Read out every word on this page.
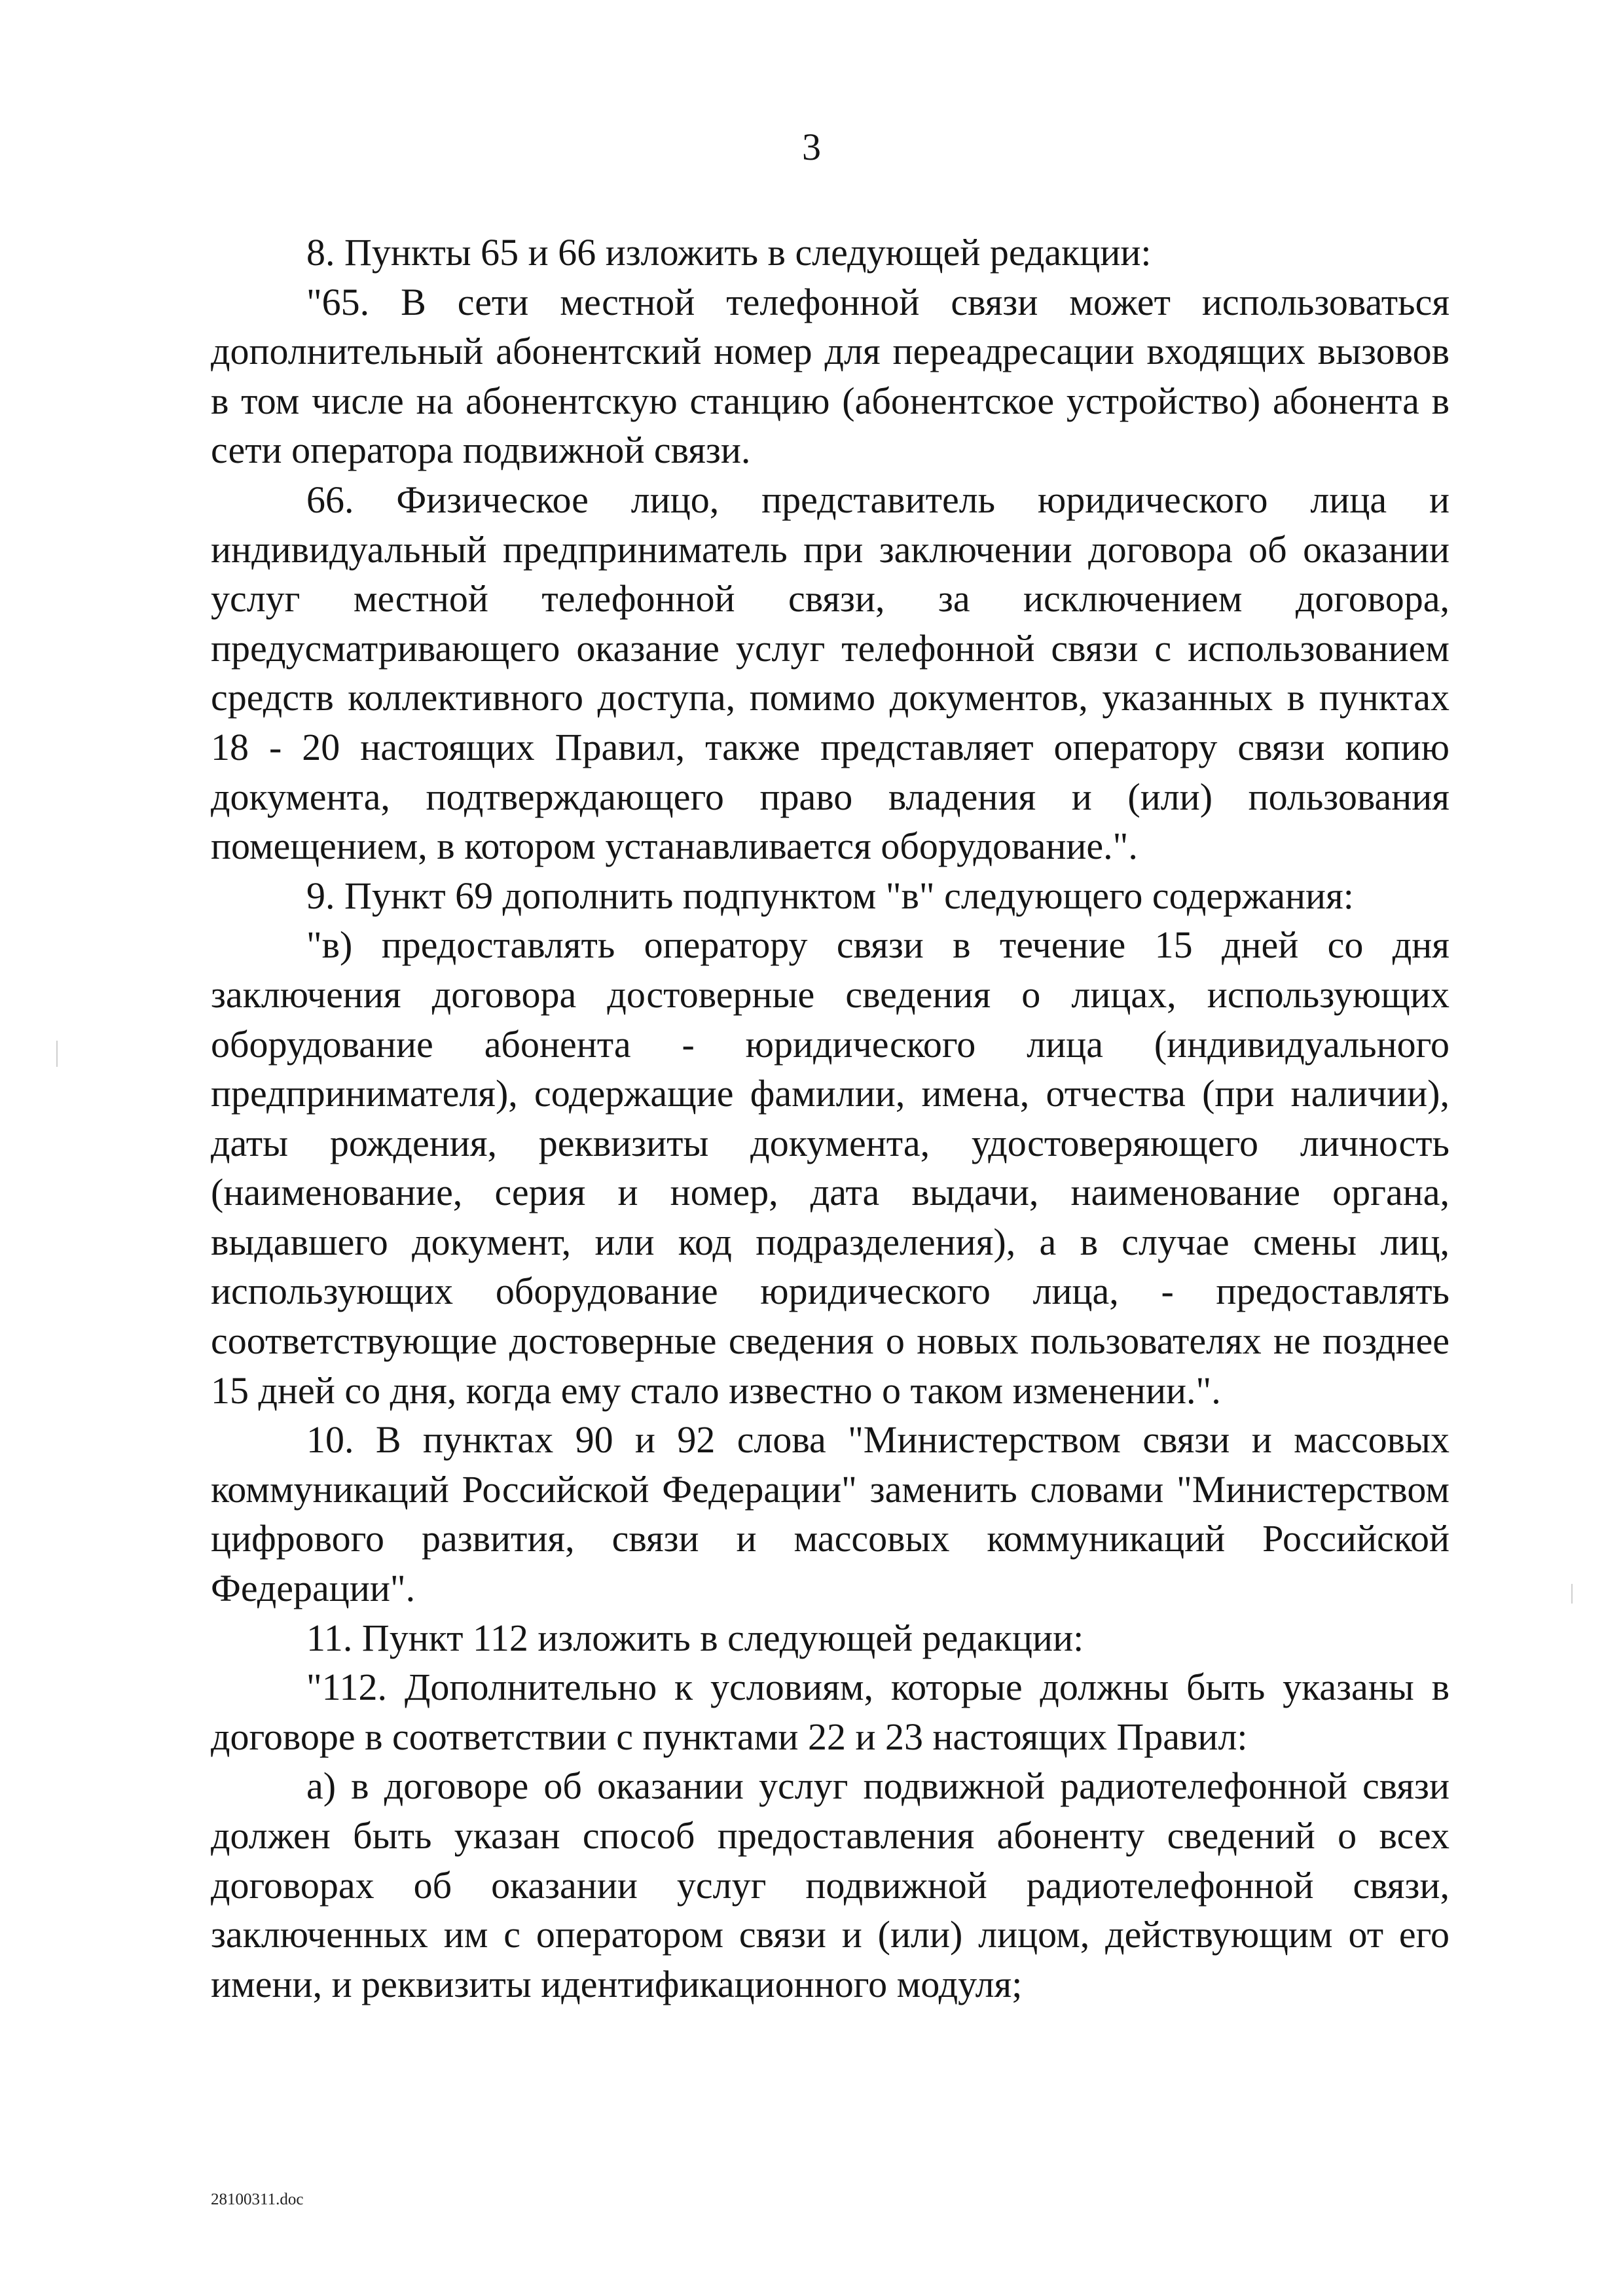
3

8. Пункты 65 и 66 изложить в следующей редакции:

"65. В сети местной телефонной связи может использоваться дополнительный абонентский номер для переадресации входящих вызовов в том числе на абонентскую станцию (абонентское устройство) абонента в сети оператора подвижной связи.

66. Физическое лицо, представитель юридического лица и индивидуальный предприниматель при заключении договора об оказании услуг местной телефонной связи, за исключением договора, предусматривающего оказание услуг телефонной связи с использованием средств коллективного доступа, помимо документов, указанных в пунктах 18 - 20 настоящих Правил, также представляет оператору связи копию документа, подтверждающего право владения и (или) пользования помещением, в котором устанавливается оборудование.".

9. Пункт 69 дополнить подпунктом "в" следующего содержания:

"в) предоставлять оператору связи в течение 15 дней со дня заключения договора достоверные сведения о лицах, использующих оборудование абонента - юридического лица (индивидуального предпринимателя), содержащие фамилии, имена, отчества (при наличии), даты рождения, реквизиты документа, удостоверяющего личность (наименование, серия и номер, дата выдачи, наименование органа, выдавшего документ, или код подразделения), а в случае смены лиц, использующих оборудование юридического лица, - предоставлять соответствующие достоверные сведения о новых пользователях не позднее 15 дней со дня, когда ему стало известно о таком изменении.".

10. В пунктах 90 и 92 слова "Министерством связи и массовых коммуникаций Российской Федерации" заменить словами "Министерством цифрового развития, связи и массовых коммуникаций Российской Федерации".

11. Пункт 112 изложить в следующей редакции:

"112. Дополнительно к условиям, которые должны быть указаны в договоре в соответствии с пунктами 22 и 23 настоящих Правил:

а) в договоре об оказании услуг подвижной радиотелефонной связи должен быть указан способ предоставления абоненту сведений о всех договорах об оказании услуг подвижной радиотелефонной связи, заключенных им с оператором связи и (или) лицом, действующим от его имени, и реквизиты идентификационного модуля;

28100311.doc
